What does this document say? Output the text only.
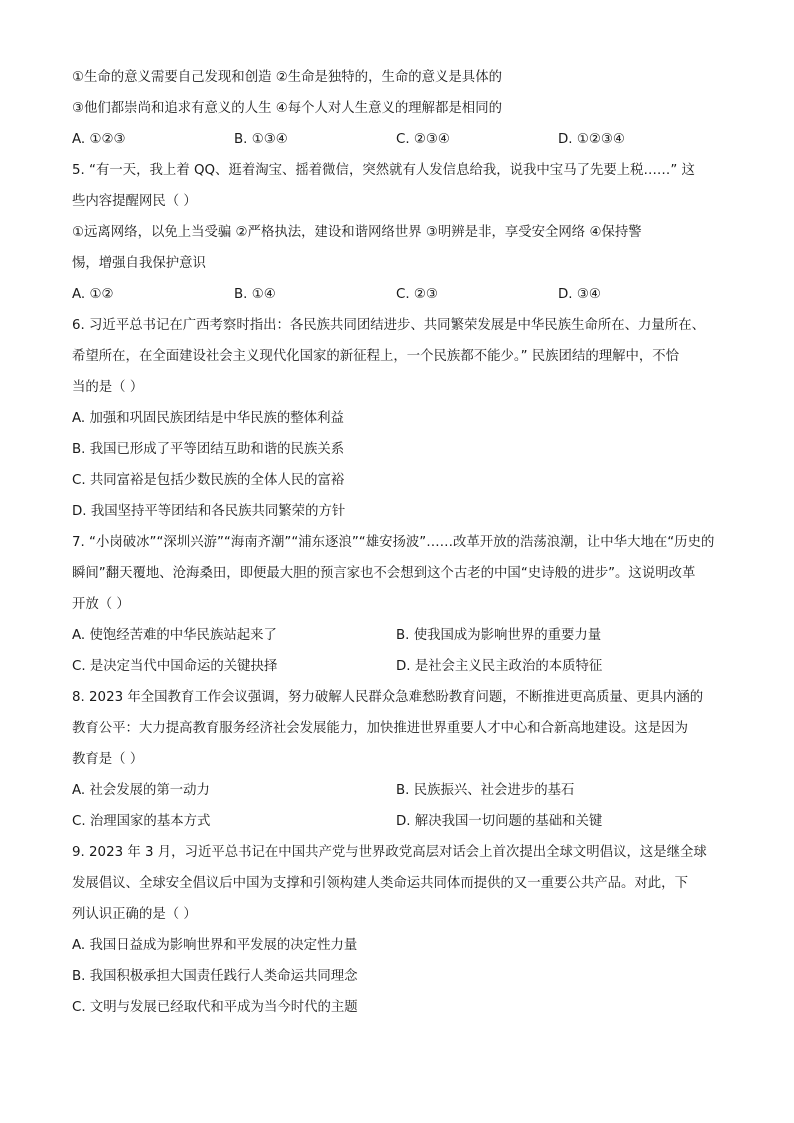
①生命的意义需要自己发现和创造 ②生命是独特的，生命的意义是具体的
③他们都崇尚和追求有意义的人生 ④每个人对人生意义的理解都是相同的
A. ①②③	B. ①③④	C. ②③④	D. ①②③④
5. “有一天，我上着 QQ、逛着淘宝、摇着微信，突然就有人发信息给我，说我中宝马了先要上税……” 这
些内容提醒网民（ ）
①远离网络，以免上当受骗 ②严格执法，建设和谐网络世界 ③明辨是非，享受安全网络 ④保持警
惕，增强自我保护意识
A. ①②	B. ①④	C. ②③	D. ③④
6. 习近平总书记在广西考察时指出：各民族共同团结进步、共同繁荣发展是中华民族生命所在、力量所在、
希望所在，在全面建设社会主义现代化国家的新征程上，一个民族都不能少。” 民族团结的理解中，不恰
当的是（ ）
A. 加强和巩固民族团结是中华民族的整体利益
B. 我国已形成了平等团结互助和谐的民族关系
C. 共同富裕是包括少数民族的全体人民的富裕
D. 我国坚持平等团结和各民族共同繁荣的方针
7. “小岗破冰”“深圳兴游”“海南齐潮”“浦东逐浪”“雄安扬波”……改革开放的浩荡浪潮，让中华大地在“历史的
瞬间”翻天覆地、沧海桑田，即便最大胆的预言家也不会想到这个古老的中国“史诗般的进步”。这说明改革
开放（ ）
A. 使饱经苦难的中华民族站起来了	B. 使我国成为影响世界的重要力量
C. 是决定当代中国命运的关键抉择	D. 是社会主义民主政治的本质特征
8. 2023 年全国教育工作会议强调，努力破解人民群众急难愁盼教育问题，不断推进更高质量、更具内涵的
教育公平：大力提高教育服务经济社会发展能力，加快推进世界重要人才中心和合新高地建设。这是因为
教育是（ ）
A. 社会发展的第一动力	B. 民族振兴、社会进步的基石
C. 治理国家的基本方式	D. 解决我国一切问题的基础和关键
9. 2023 年 3 月，习近平总书记在中国共产党与世界政党高层对话会上首次提出全球文明倡议，这是继全球
发展倡议、全球安全倡议后中国为支撑和引领构建人类命运共同体而提供的又一重要公共产品。对此，下
列认识正确的是（ ）
A. 我国日益成为影响世界和平发展的决定性力量
B. 我国积极承担大国责任践行人类命运共同理念
C. 文明与发展已经取代和平成为当今时代的主题
